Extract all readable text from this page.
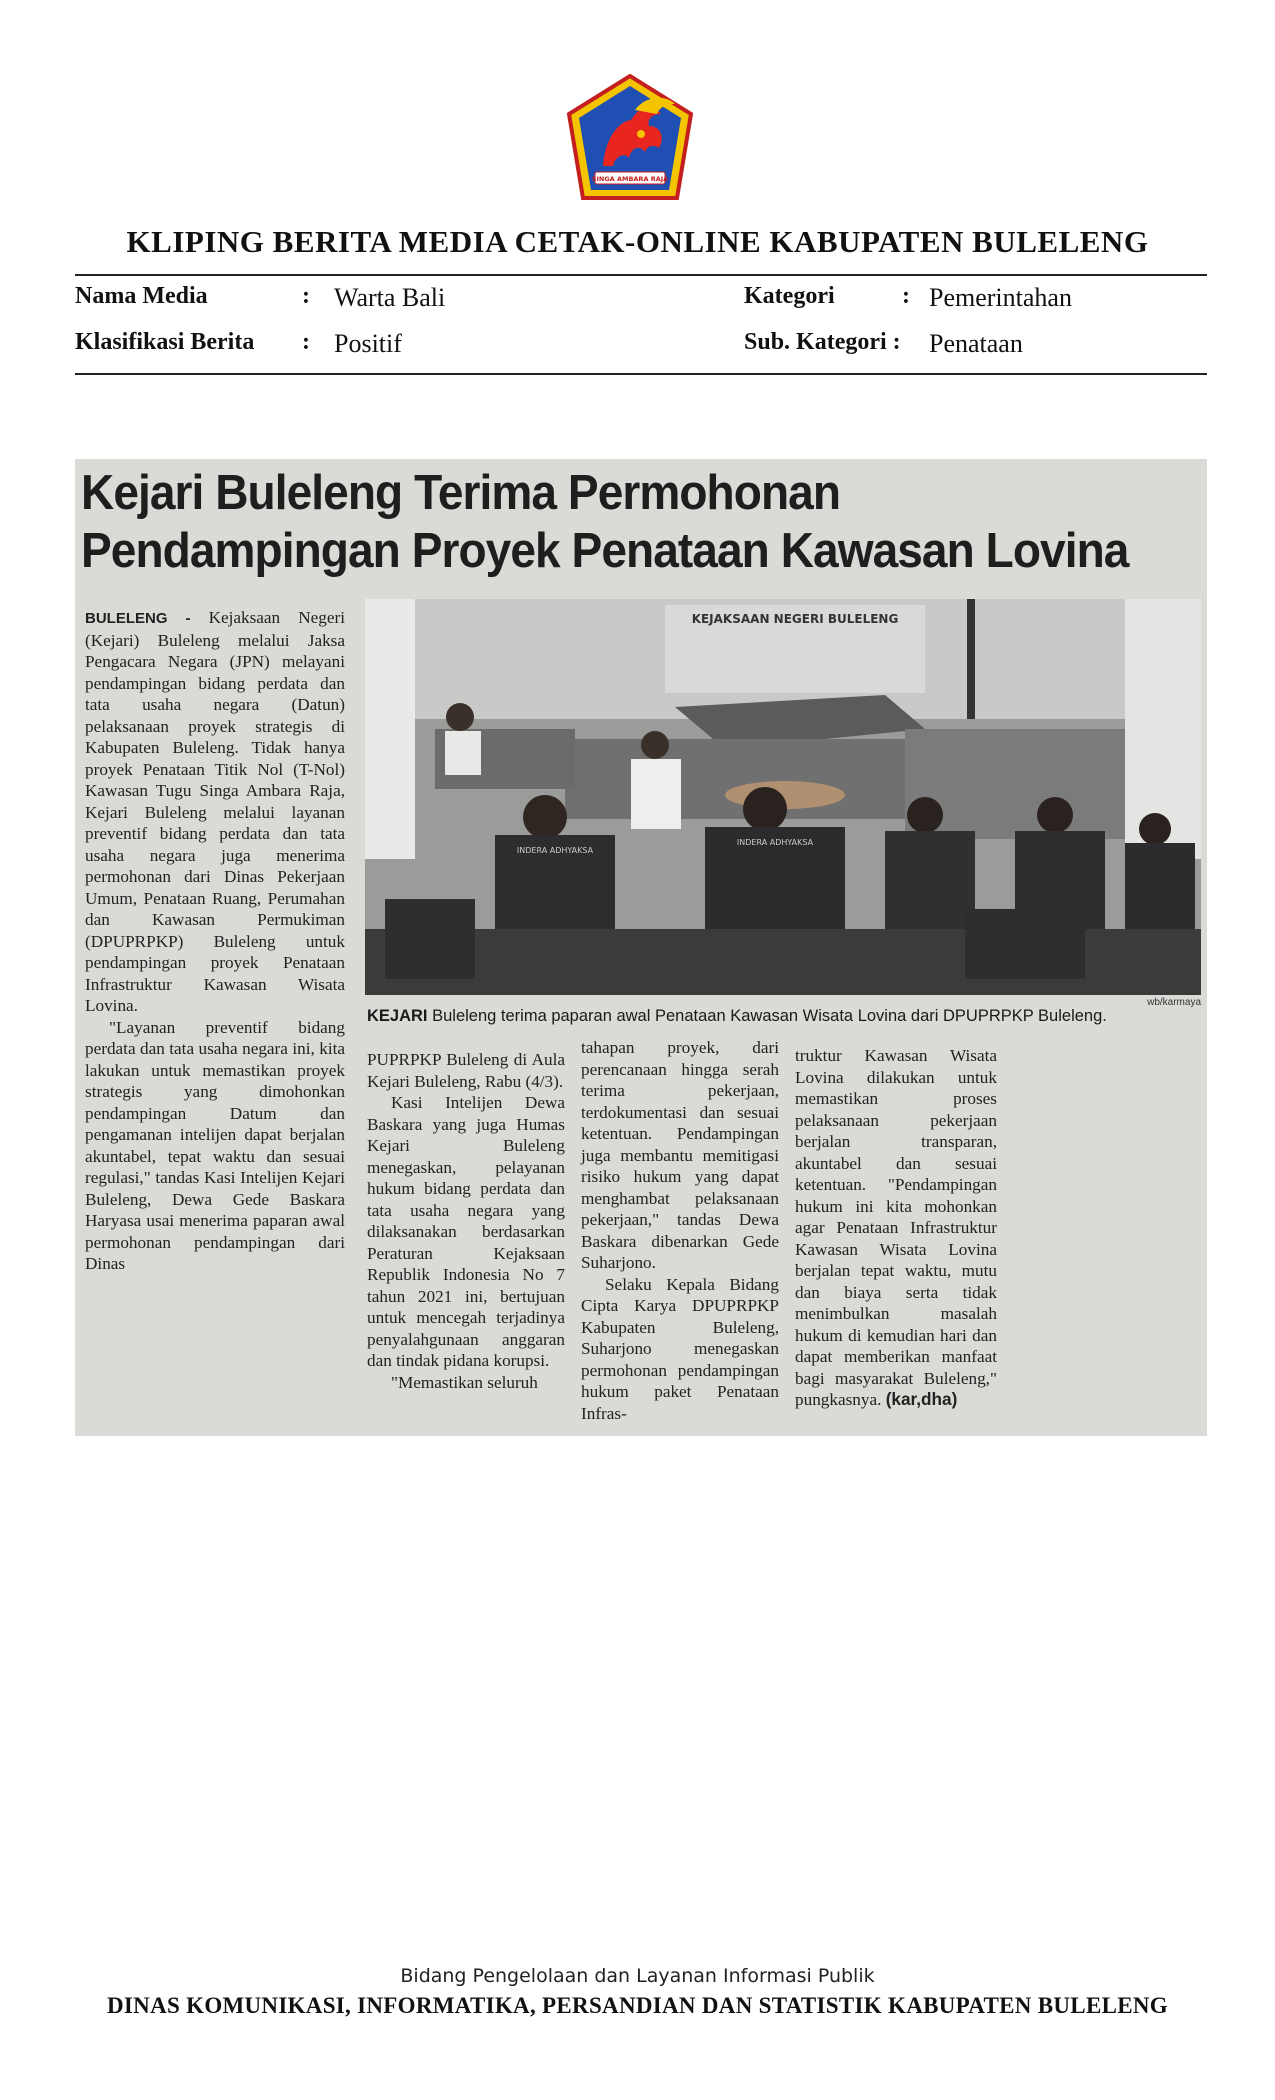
SINGA AMBARA RAJA
KLIPING BERITA MEDIA CETAK-ONLINE KABUPATEN BULELENG
Nama Media	: Warta Bali	Kategori	: Pemerintahan
Klasifikasi Berita : Positif	Sub. Kategori : Penataan
Kejari Buleleng Terima Permohonan
Pendampingan Proyek Penataan Kawasan Lovina

BULELENG - Kejaksaan Negeri (Kejari) Buleleng melalui Jaksa Pengacara Negara (JPN) melayani pendampingan bidang perdata dan tata usaha negara (Datun) pelaksanaan proyek strategis di Kabupaten Buleleng. Tidak hanya proyek Penataan Titik Nol (T-Nol) Kawasan Tugu Singa Ambara Raja, Kejari Buleleng melalui layanan preventif bidang perdata dan tata usaha negara juga menerima permohonan dari Dinas Pekerjaan Umum, Penataan Ruang, Perumahan dan Kawasan Permukiman (DPUPRPKP) Buleleng untuk pendampingan proyek Penataan Infrastruktur Kawasan Wisata Lovina.

"Layanan preventif bidang perdata dan tata usaha negara ini, kita lakukan untuk memastikan proyek strategis yang dimohonkan pendampingan Datum dan pengamanan intelijen dapat berjalan akuntabel, tepat waktu dan sesuai regulasi," tandas Kasi Intelijen Kejari Buleleng, Dewa Gede Baskara Haryasa usai menerima paparan awal permohonan pendampingan dari Dinas

KEJAKSAAN NEGERI BULELENG
INDERA ADHYAKSA
INDERA ADHYAKSA
wb/karmaya
KEJARI Buleleng terima paparan awal Penataan Kawasan Wisata Lovina dari DPUPRPKP Buleleng.

PUPRPKP Buleleng di Aula Kejari Buleleng, Rabu (4/3).

Kasi Intelijen Dewa Baskara yang juga Humas Kejari Buleleng menegaskan, pelayanan hukum bidang perdata dan tata usaha negara yang dilaksanakan berdasarkan Peraturan Kejaksaan Republik Indonesia No 7 tahun 2021 ini, bertujuan untuk mencegah terjadinya penyalahgunaan anggaran dan tindak pidana korupsi.

"Memastikan seluruh

tahapan proyek, dari perencanaan hingga serah terima pekerjaan, terdokumentasi dan sesuai ketentuan. Pendampingan juga membantu memitigasi risiko hukum yang dapat menghambat pelaksanaan pekerjaan," tandas Dewa Baskara dibenarkan Gede Suharjono.

Selaku Kepala Bidang Cipta Karya DPUPRPKP Kabupaten Buleleng, Suharjono menegaskan permohonan pendampingan hukum paket Penataan Infras-

truktur Kawasan Wisata Lovina dilakukan untuk memastikan proses pelaksanaan pekerjaan berjalan transparan, akuntabel dan sesuai ketentuan. "Pendampingan hukum ini kita mohonkan agar Penataan Infrastruktur Kawasan Wisata Lovina berjalan tepat waktu, mutu dan biaya serta tidak menimbulkan masalah hukum di kemudian hari dan dapat memberikan manfaat bagi masyarakat Buleleng," pungkasnya. (kar,dha)

Bidang Pengelolaan dan Layanan Informasi Publik
DINAS KOMUNIKASI, INFORMATIKA, PERSANDIAN DAN STATISTIK KABUPATEN BULELENG
